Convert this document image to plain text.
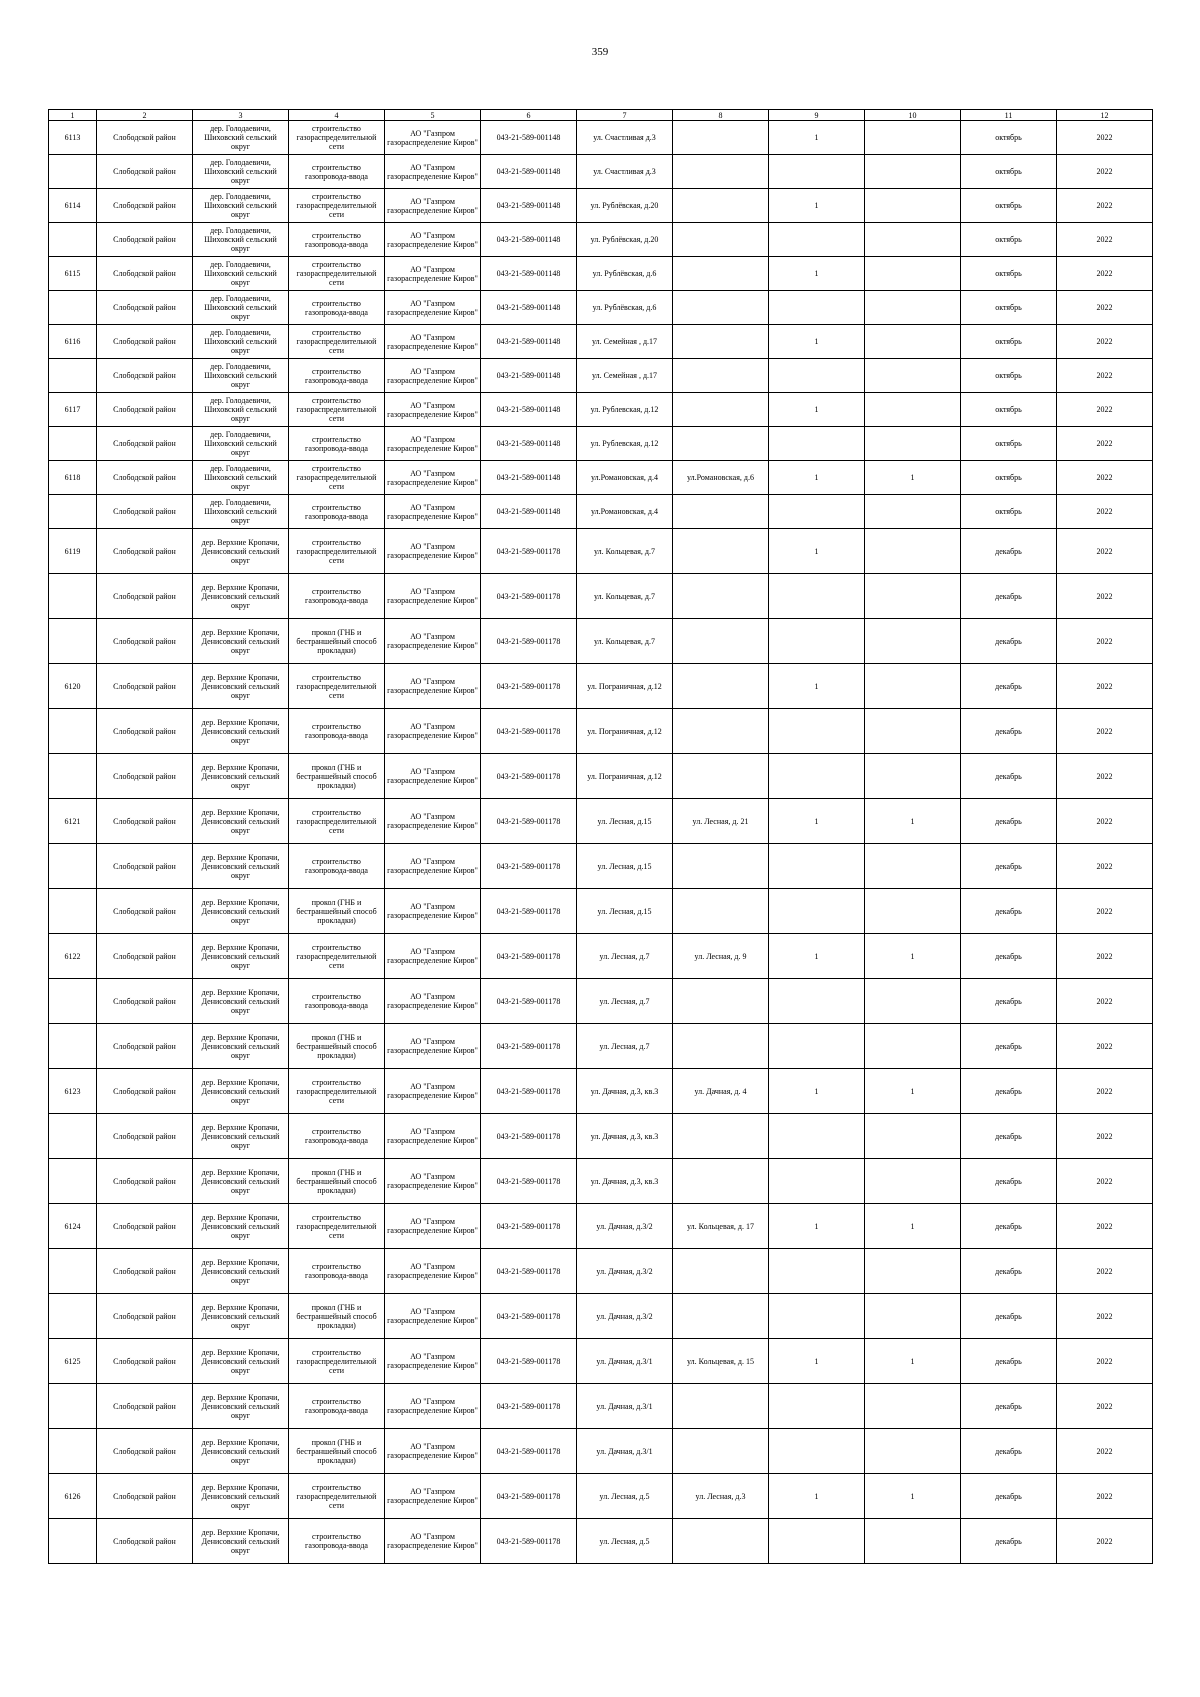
359
1	2	3	4	5	6	7	8	9	10	11	12
6113	Слободской район	дер. Голодаевичи, Шиховский сельский округ	строительство газораспределительной сети	АО "Газпром газораспределение Киров"	043-21-589-001148	ул. Счастливая д.3		1		октябрь	2022
	Слободской район	дер. Голодаевичи, Шиховский сельский округ	строительство газопровода-ввода	АО "Газпром газораспределение Киров"	043-21-589-001148	ул. Счастливая д.3				октябрь	2022
6114	Слободской район	дер. Голодаевичи, Шиховский сельский округ	строительство газораспределительной сети	АО "Газпром газораспределение Киров"	043-21-589-001148	ул. Рублёвская, д.20		1		октябрь	2022
	Слободской район	дер. Голодаевичи, Шиховский сельский округ	строительство газопровода-ввода	АО "Газпром газораспределение Киров"	043-21-589-001148	ул. Рублёвская, д.20				октябрь	2022
6115	Слободской район	дер. Голодаевичи, Шиховский сельский округ	строительство газораспределительной сети	АО "Газпром газораспределение Киров"	043-21-589-001148	ул. Рублёвская, д.6		1		октябрь	2022
	Слободской район	дер. Голодаевичи, Шиховский сельский округ	строительство газопровода-ввода	АО "Газпром газораспределение Киров"	043-21-589-001148	ул. Рублёвская, д.6				октябрь	2022
6116	Слободской район	дер. Голодаевичи, Шиховский сельский округ	строительство газораспределительной сети	АО "Газпром газораспределение Киров"	043-21-589-001148	ул. Семейная , д.17		1		октябрь	2022
	Слободской район	дер. Голодаевичи, Шиховский сельский округ	строительство газопровода-ввода	АО "Газпром газораспределение Киров"	043-21-589-001148	ул. Семейная , д.17				октябрь	2022
6117	Слободской район	дер. Голодаевичи, Шиховский сельский округ	строительство газораспределительной сети	АО "Газпром газораспределение Киров"	043-21-589-001148	ул. Рублевская, д.12		1		октябрь	2022
	Слободской район	дер. Голодаевичи, Шиховский сельский округ	строительство газопровода-ввода	АО "Газпром газораспределение Киров"	043-21-589-001148	ул. Рублевская, д.12				октябрь	2022
6118	Слободской район	дер. Голодаевичи, Шиховский сельский округ	строительство газораспределительной сети	АО "Газпром газораспределение Киров"	043-21-589-001148	ул.Романовская, д.4	ул.Романовская, д.6	1	1	октябрь	2022
	Слободской район	дер. Голодаевичи, Шиховский сельский округ	строительство газопровода-ввода	АО "Газпром газораспределение Киров"	043-21-589-001148	ул.Романовская, д.4				октябрь	2022
6119	Слободской район	дер. Верхние Кропачи, Денисовский сельский округ	строительство газораспределительной сети	АО "Газпром газораспределение Киров"	043-21-589-001178	ул. Кольцевая, д.7		1		декабрь	2022
	Слободской район	дер. Верхние Кропачи, Денисовский сельский округ	строительство газопровода-ввода	АО "Газпром газораспределение Киров"	043-21-589-001178	ул. Кольцевая, д.7				декабрь	2022
	Слободской район	дер. Верхние Кропачи, Денисовский сельский округ	прокол (ГНБ и бестраншейный способ прокладки)	АО "Газпром газораспределение Киров"	043-21-589-001178	ул. Кольцевая, д.7				декабрь	2022
6120	Слободской район	дер. Верхние Кропачи, Денисовский сельский округ	строительство газораспределительной сети	АО "Газпром газораспределение Киров"	043-21-589-001178	ул. Пограничная, д.12		1		декабрь	2022
	Слободской район	дер. Верхние Кропачи, Денисовский сельский округ	строительство газопровода-ввода	АО "Газпром газораспределение Киров"	043-21-589-001178	ул. Пограничная, д.12				декабрь	2022
	Слободской район	дер. Верхние Кропачи, Денисовский сельский округ	прокол (ГНБ и бестраншейный способ прокладки)	АО "Газпром газораспределение Киров"	043-21-589-001178	ул. Пограничная, д.12				декабрь	2022
6121	Слободской район	дер. Верхние Кропачи, Денисовский сельский округ	строительство газораспределительной сети	АО "Газпром газораспределение Киров"	043-21-589-001178	ул. Лесная, д.15	ул. Лесная, д. 21	1	1	декабрь	2022
	Слободской район	дер. Верхние Кропачи, Денисовский сельский округ	строительство газопровода-ввода	АО "Газпром газораспределение Киров"	043-21-589-001178	ул. Лесная, д.15				декабрь	2022
	Слободской район	дер. Верхние Кропачи, Денисовский сельский округ	прокол (ГНБ и бестраншейный способ прокладки)	АО "Газпром газораспределение Киров"	043-21-589-001178	ул. Лесная, д.15				декабрь	2022
6122	Слободской район	дер. Верхние Кропачи, Денисовский сельский округ	строительство газораспределительной сети	АО "Газпром газораспределение Киров"	043-21-589-001178	ул. Лесная, д.7	ул. Лесная, д. 9	1	1	декабрь	2022
	Слободской район	дер. Верхние Кропачи, Денисовский сельский округ	строительство газопровода-ввода	АО "Газпром газораспределение Киров"	043-21-589-001178	ул. Лесная, д.7				декабрь	2022
	Слободской район	дер. Верхние Кропачи, Денисовский сельский округ	прокол (ГНБ и бестраншейный способ прокладки)	АО "Газпром газораспределение Киров"	043-21-589-001178	ул. Лесная, д.7				декабрь	2022
6123	Слободской район	дер. Верхние Кропачи, Денисовский сельский округ	строительство газораспределительной сети	АО "Газпром газораспределение Киров"	043-21-589-001178	ул. Дачная, д.3, кв.3	ул. Дачная, д. 4	1	1	декабрь	2022
	Слободской район	дер. Верхние Кропачи, Денисовский сельский округ	строительство газопровода-ввода	АО "Газпром газораспределение Киров"	043-21-589-001178	ул. Дачная, д.3, кв.3				декабрь	2022
	Слободской район	дер. Верхние Кропачи, Денисовский сельский округ	прокол (ГНБ и бестраншейный способ прокладки)	АО "Газпром газораспределение Киров"	043-21-589-001178	ул. Дачная, д.3, кв.3				декабрь	2022
6124	Слободской район	дер. Верхние Кропачи, Денисовский сельский округ	строительство газораспределительной сети	АО "Газпром газораспределение Киров"	043-21-589-001178	ул. Дачная, д.3/2	ул. Кольцевая, д. 17	1	1	декабрь	2022
	Слободской район	дер. Верхние Кропачи, Денисовский сельский округ	строительство газопровода-ввода	АО "Газпром газораспределение Киров"	043-21-589-001178	ул. Дачная, д.3/2				декабрь	2022
	Слободской район	дер. Верхние Кропачи, Денисовский сельский округ	прокол (ГНБ и бестраншейный способ прокладки)	АО "Газпром газораспределение Киров"	043-21-589-001178	ул. Дачная, д.3/2				декабрь	2022
6125	Слободской район	дер. Верхние Кропачи, Денисовский сельский округ	строительство газораспределительной сети	АО "Газпром газораспределение Киров"	043-21-589-001178	ул. Дачная, д.3/1	ул. Кольцевая, д. 15	1	1	декабрь	2022
	Слободской район	дер. Верхние Кропачи, Денисовский сельский округ	строительство газопровода-ввода	АО "Газпром газораспределение Киров"	043-21-589-001178	ул. Дачная, д.3/1				декабрь	2022
	Слободской район	дер. Верхние Кропачи, Денисовский сельский округ	прокол (ГНБ и бестраншейный способ прокладки)	АО "Газпром газораспределение Киров"	043-21-589-001178	ул. Дачная, д.3/1				декабрь	2022
6126	Слободской район	дер. Верхние Кропачи, Денисовский сельский округ	строительство газораспределительной сети	АО "Газпром газораспределение Киров"	043-21-589-001178	ул. Лесная, д.5	ул. Лесная, д.3	1	1	декабрь	2022
	Слободской район	дер. Верхние Кропачи, Денисовский сельский округ	строительство газопровода-ввода	АО "Газпром газораспределение Киров"	043-21-589-001178	ул. Лесная, д.5				декабрь	2022
